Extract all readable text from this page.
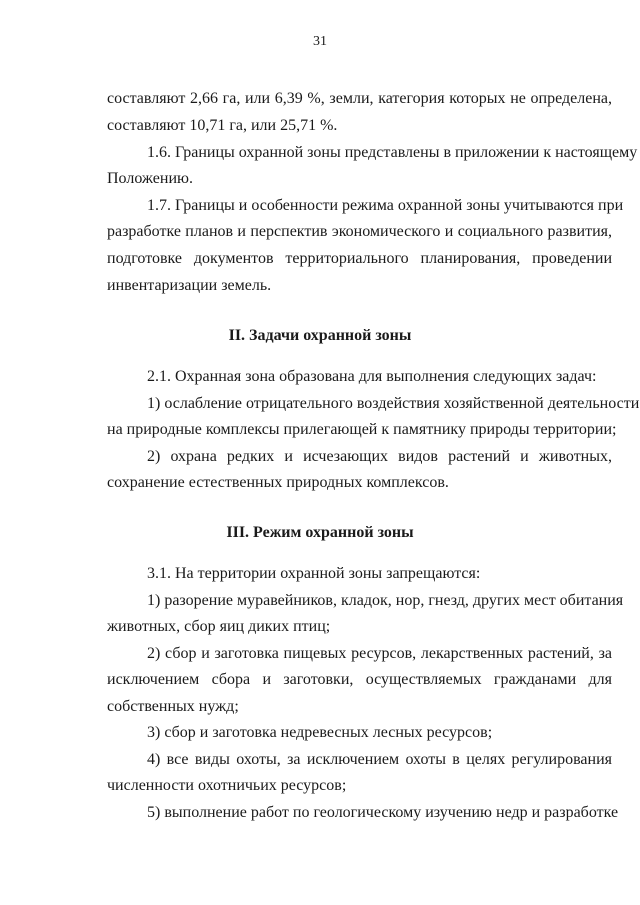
31
составляют 2,66 га, или 6,39 %, земли, категория которых не определена,
составляют 10,71 га, или 25,71 %.
1.6. Границы охранной зоны представлены в приложении к настоящему
Положению.
1.7. Границы и особенности режима охранной зоны учитываются при
разработке планов и перспектив экономического и социального развития,
подготовке документов территориального планирования, проведении
инвентаризации земель.
II. Задачи охранной зоны
2.1. Охранная зона образована для выполнения следующих задач:
1) ослабление отрицательного воздействия хозяйственной деятельности
на природные комплексы прилегающей к памятнику природы территории;
2) охрана редких и исчезающих видов растений и животных,
сохранение естественных природных комплексов.
III. Режим охранной зоны
3.1. На территории охранной зоны запрещаются:
1) разорение муравейников, кладок, нор, гнезд, других мест обитания
животных, сбор яиц диких птиц;
2) сбор и заготовка пищевых ресурсов, лекарственных растений, за
исключением сбора и заготовки, осуществляемых гражданами для
собственных нужд;
3) сбор и заготовка недревесных лесных ресурсов;
4) все виды охоты, за исключением охоты в целях регулирования
численности охотничьих ресурсов;
5) выполнение работ по геологическому изучению недр и разработке
